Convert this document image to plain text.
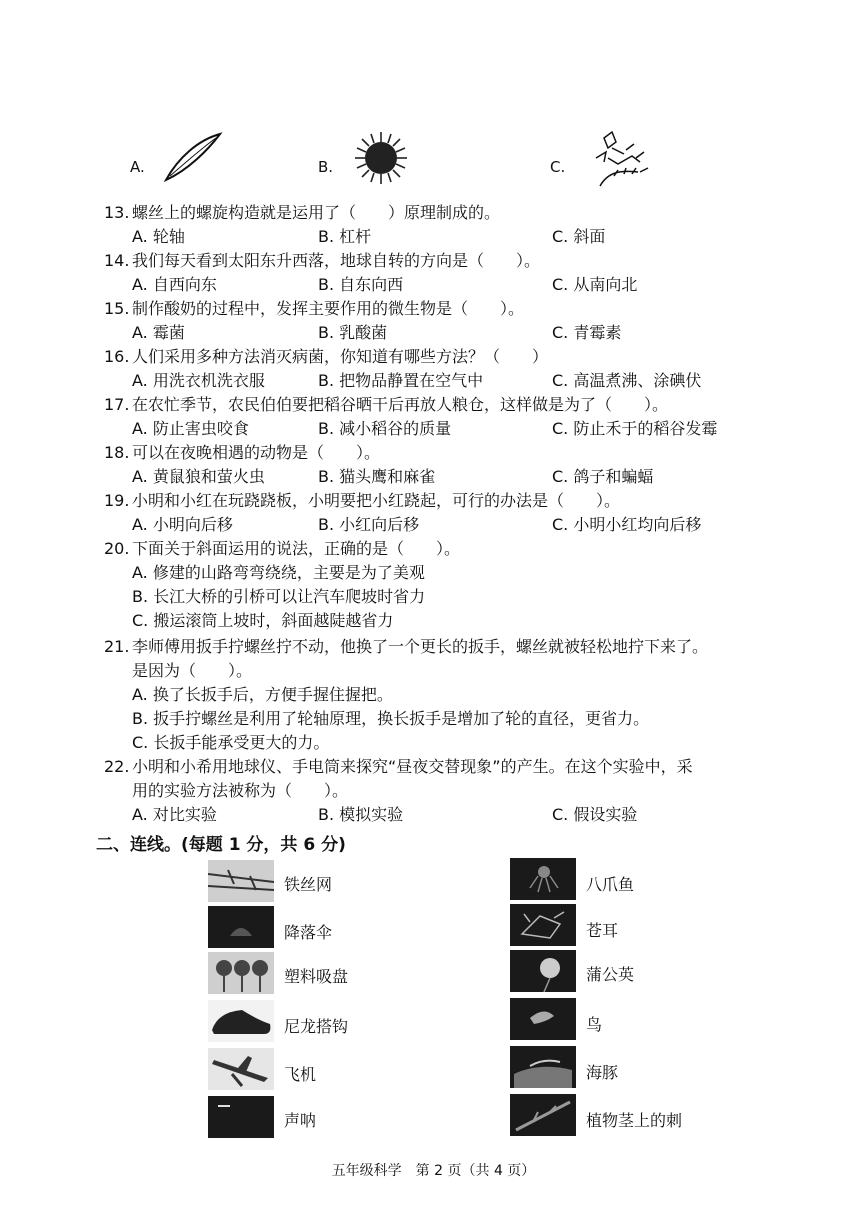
A.	B.	C.
13. 螺丝上的螺旋构造就是运用了（　　）原理制成的。
A. 轮轴	B. 杠杆	C. 斜面
14. 我们每天看到太阳东升西落，地球自转的方向是（　　）。
A. 自西向东	B. 自东向西	C. 从南向北
15. 制作酸奶的过程中，发挥主要作用的微生物是（　　）。
A. 霉菌	B. 乳酸菌	C. 青霉素
16. 人们采用多种方法消灭病菌，你知道有哪些方法？（　　）
A. 用洗衣机洗衣服	B. 把物品静置在空气中	C. 高温煮沸、涂碘伏
17. 在农忙季节，农民伯伯要把稻谷晒干后再放人粮仓，这样做是为了（　　）。
A. 防止害虫咬食	B. 减小稻谷的质量	C. 防止禾于的稻谷发霉
18. 可以在夜晚相遇的动物是（　　）。
A. 黄鼠狼和萤火虫	B. 猫头鹰和麻雀	C. 鸽子和蝙蝠
19. 小明和小红在玩跷跷板，小明要把小红跷起，可行的办法是（　　）。
A. 小明向后移	B. 小红向后移	C. 小明小红均向后移
20. 下面关于斜面运用的说法，正确的是（　　）。
A. 修建的山路弯弯绕绕，主要是为了美观
B. 长江大桥的引桥可以让汽车爬坡时省力
C. 搬运滚筒上坡时，斜面越陡越省力
21. 李师傅用扳手拧螺丝拧不动，他换了一个更长的扳手，螺丝就被轻松地拧下来了。
是因为（　　）。
A. 换了长扳手后，方便手握住握把。
B. 扳手拧螺丝是利用了轮轴原理，换长扳手是增加了轮的直径，更省力。
C. 长扳手能承受更大的力。
22. 小明和小希用地球仪、手电筒来探究“昼夜交替现象”的产生。在这个实验中，采
用的实验方法被称为（　　）。
A. 对比实验	B. 模拟实验	C. 假设实验
二、连线。(每题 1 分，共 6 分)
铁丝网
降落伞
塑料吸盘
尼龙搭钩
飞机
声呐
八爪鱼
苍耳
蒲公英
鸟
海豚
植物茎上的刺
五年级科学　第 2 页（共 4 页）
